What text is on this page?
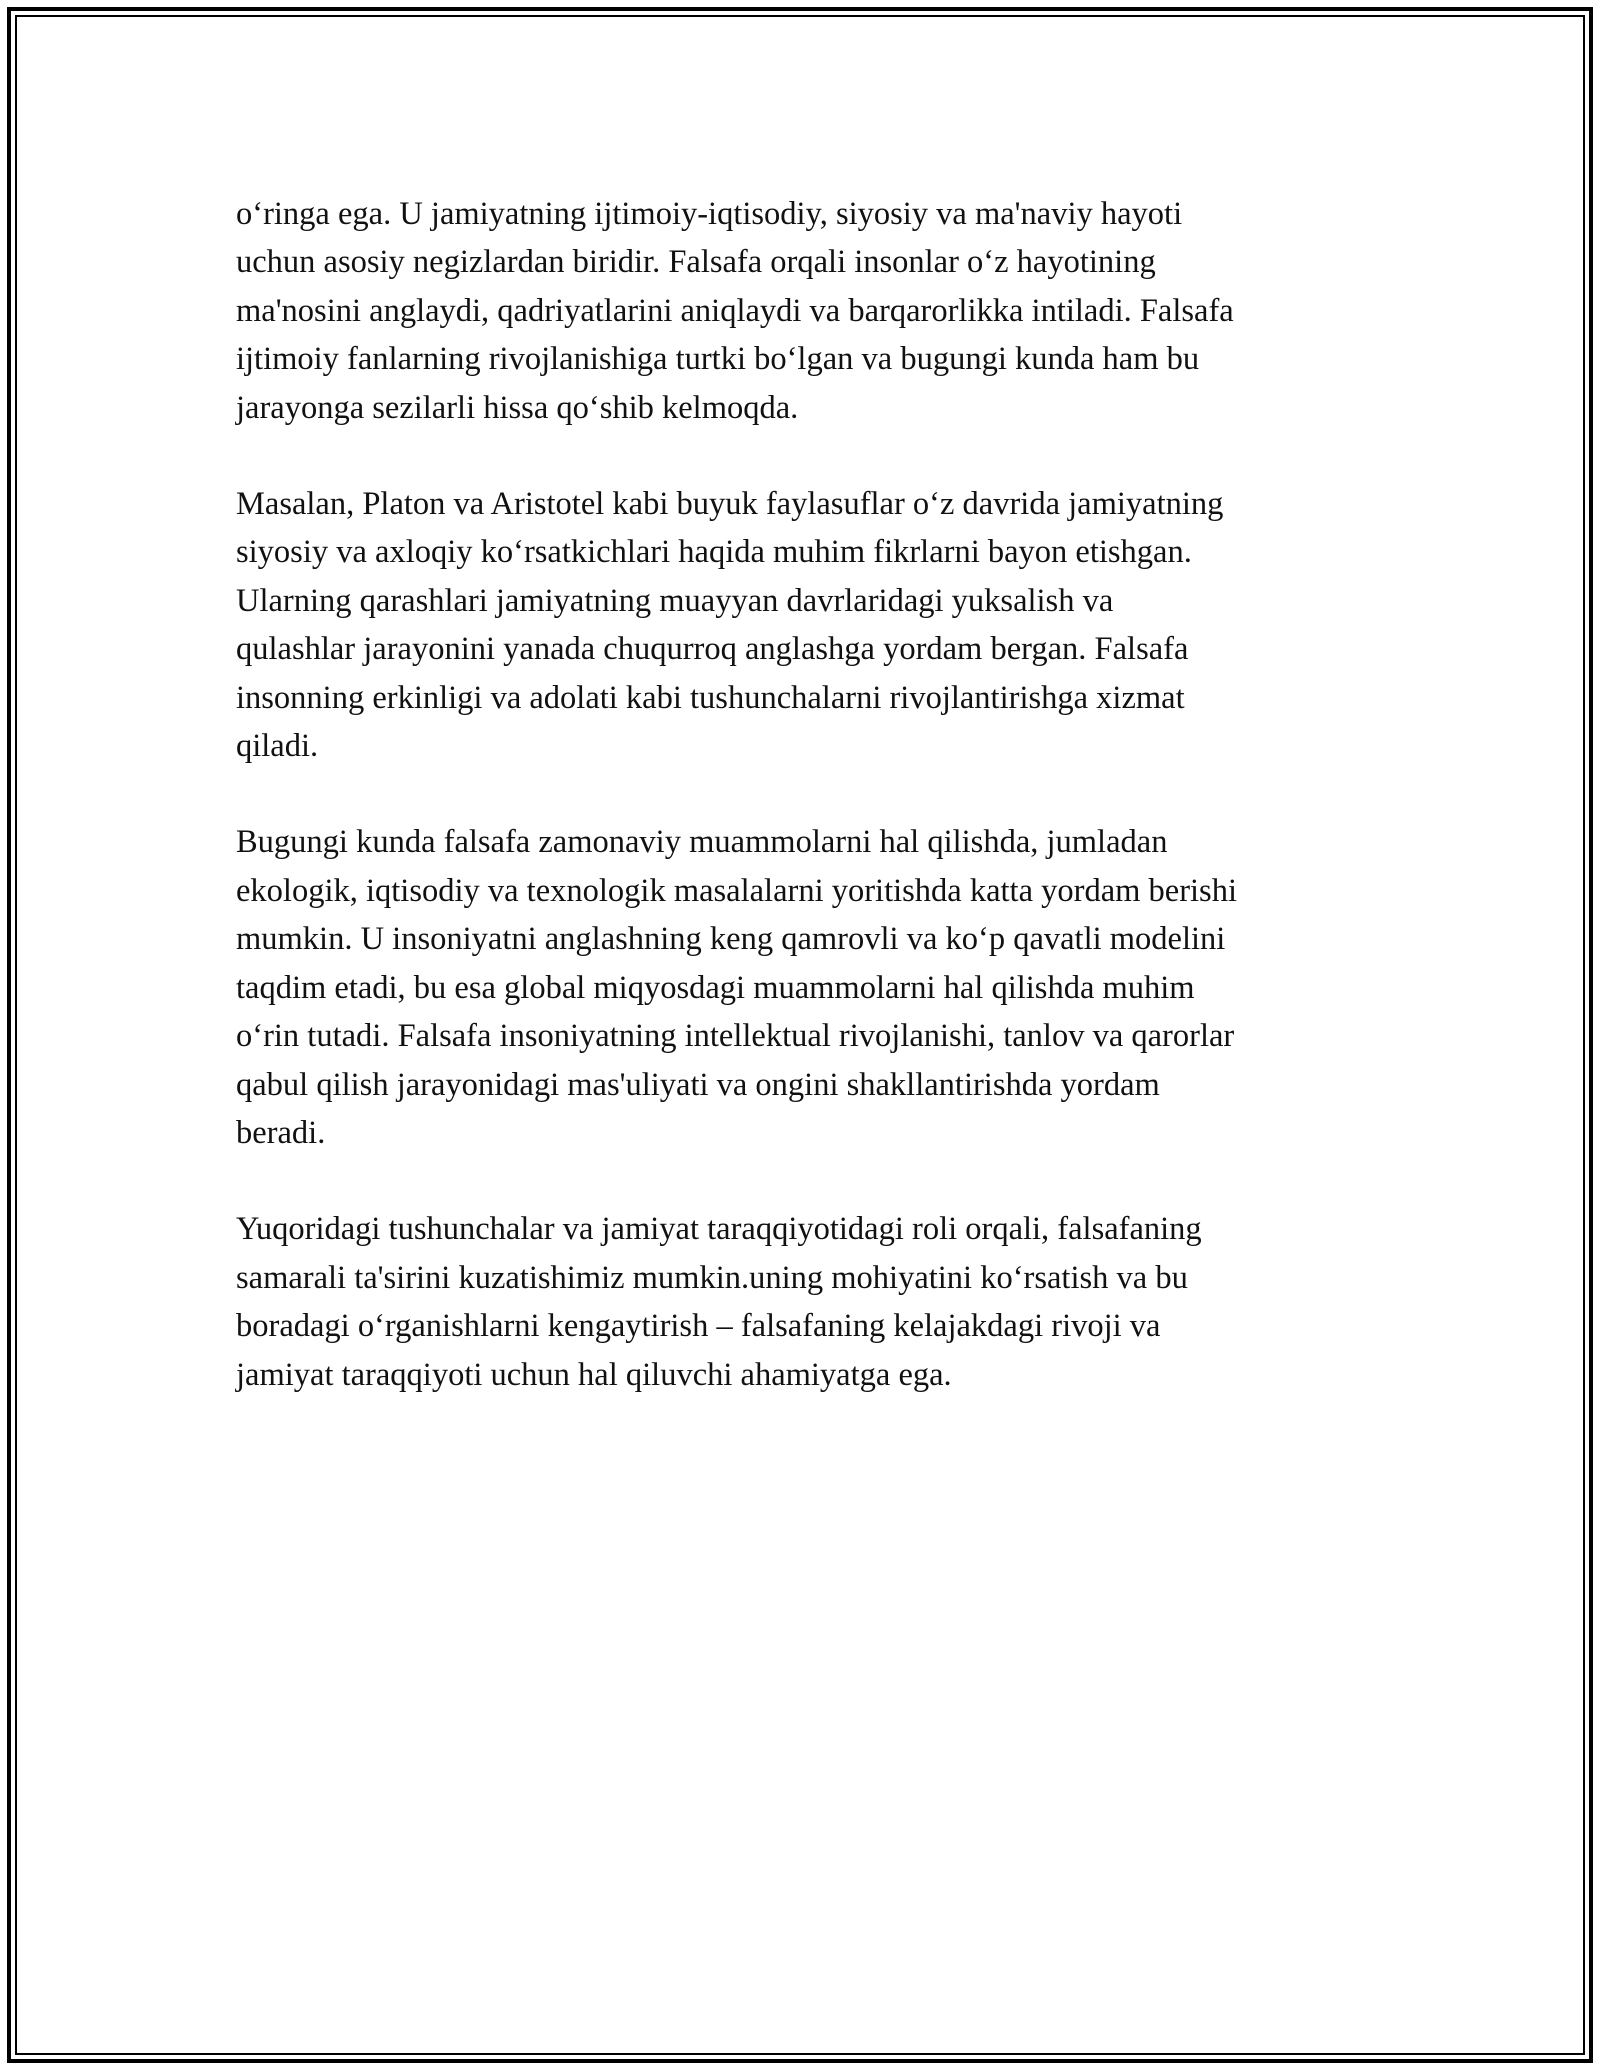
o‘ringa ega. U jamiyatning ijtimoiy-iqtisodiy, siyosiy va ma'naviy hayoti
uchun asosiy negizlardan biridir. Falsafa orqali insonlar o‘z hayotining
ma'nosini anglaydi, qadriyatlarini aniqlaydi va barqarorlikka intiladi. Falsafa
ijtimoiy fanlarning rivojlanishiga turtki bo‘lgan va bugungi kunda ham bu
jarayonga sezilarli hissa qo‘shib kelmoqda.

Masalan, Platon va Aristotel kabi buyuk faylasuflar o‘z davrida jamiyatning
siyosiy va axloqiy ko‘rsatkichlari haqida muhim fikrlarni bayon etishgan.
Ularning qarashlari jamiyatning muayyan davrlaridagi yuksalish va
qulashlar jarayonini yanada chuqurroq anglashga yordam bergan. Falsafa
insonning erkinligi va adolati kabi tushunchalarni rivojlantirishga xizmat
qiladi.

Bugungi kunda falsafa zamonaviy muammolarni hal qilishda, jumladan
ekologik, iqtisodiy va texnologik masalalarni yoritishda katta yordam berishi
mumkin. U insoniyatni anglashning keng qamrovli va ko‘p qavatli modelini
taqdim etadi, bu esa global miqyosdagi muammolarni hal qilishda muhim
o‘rin tutadi. Falsafa insoniyatning intellektual rivojlanishi, tanlov va qarorlar
qabul qilish jarayonidagi mas'uliyati va ongini shakllantirishda yordam
beradi.

Yuqoridagi tushunchalar va jamiyat taraqqiyotidagi roli orqali, falsafaning
samarali ta'sirini kuzatishimiz mumkin.uning mohiyatini ko‘rsatish va bu
boradagi o‘rganishlarni kengaytirish – falsafaning kelajakdagi rivoji va
jamiyat taraqqiyoti uchun hal qiluvchi ahamiyatga ega.
